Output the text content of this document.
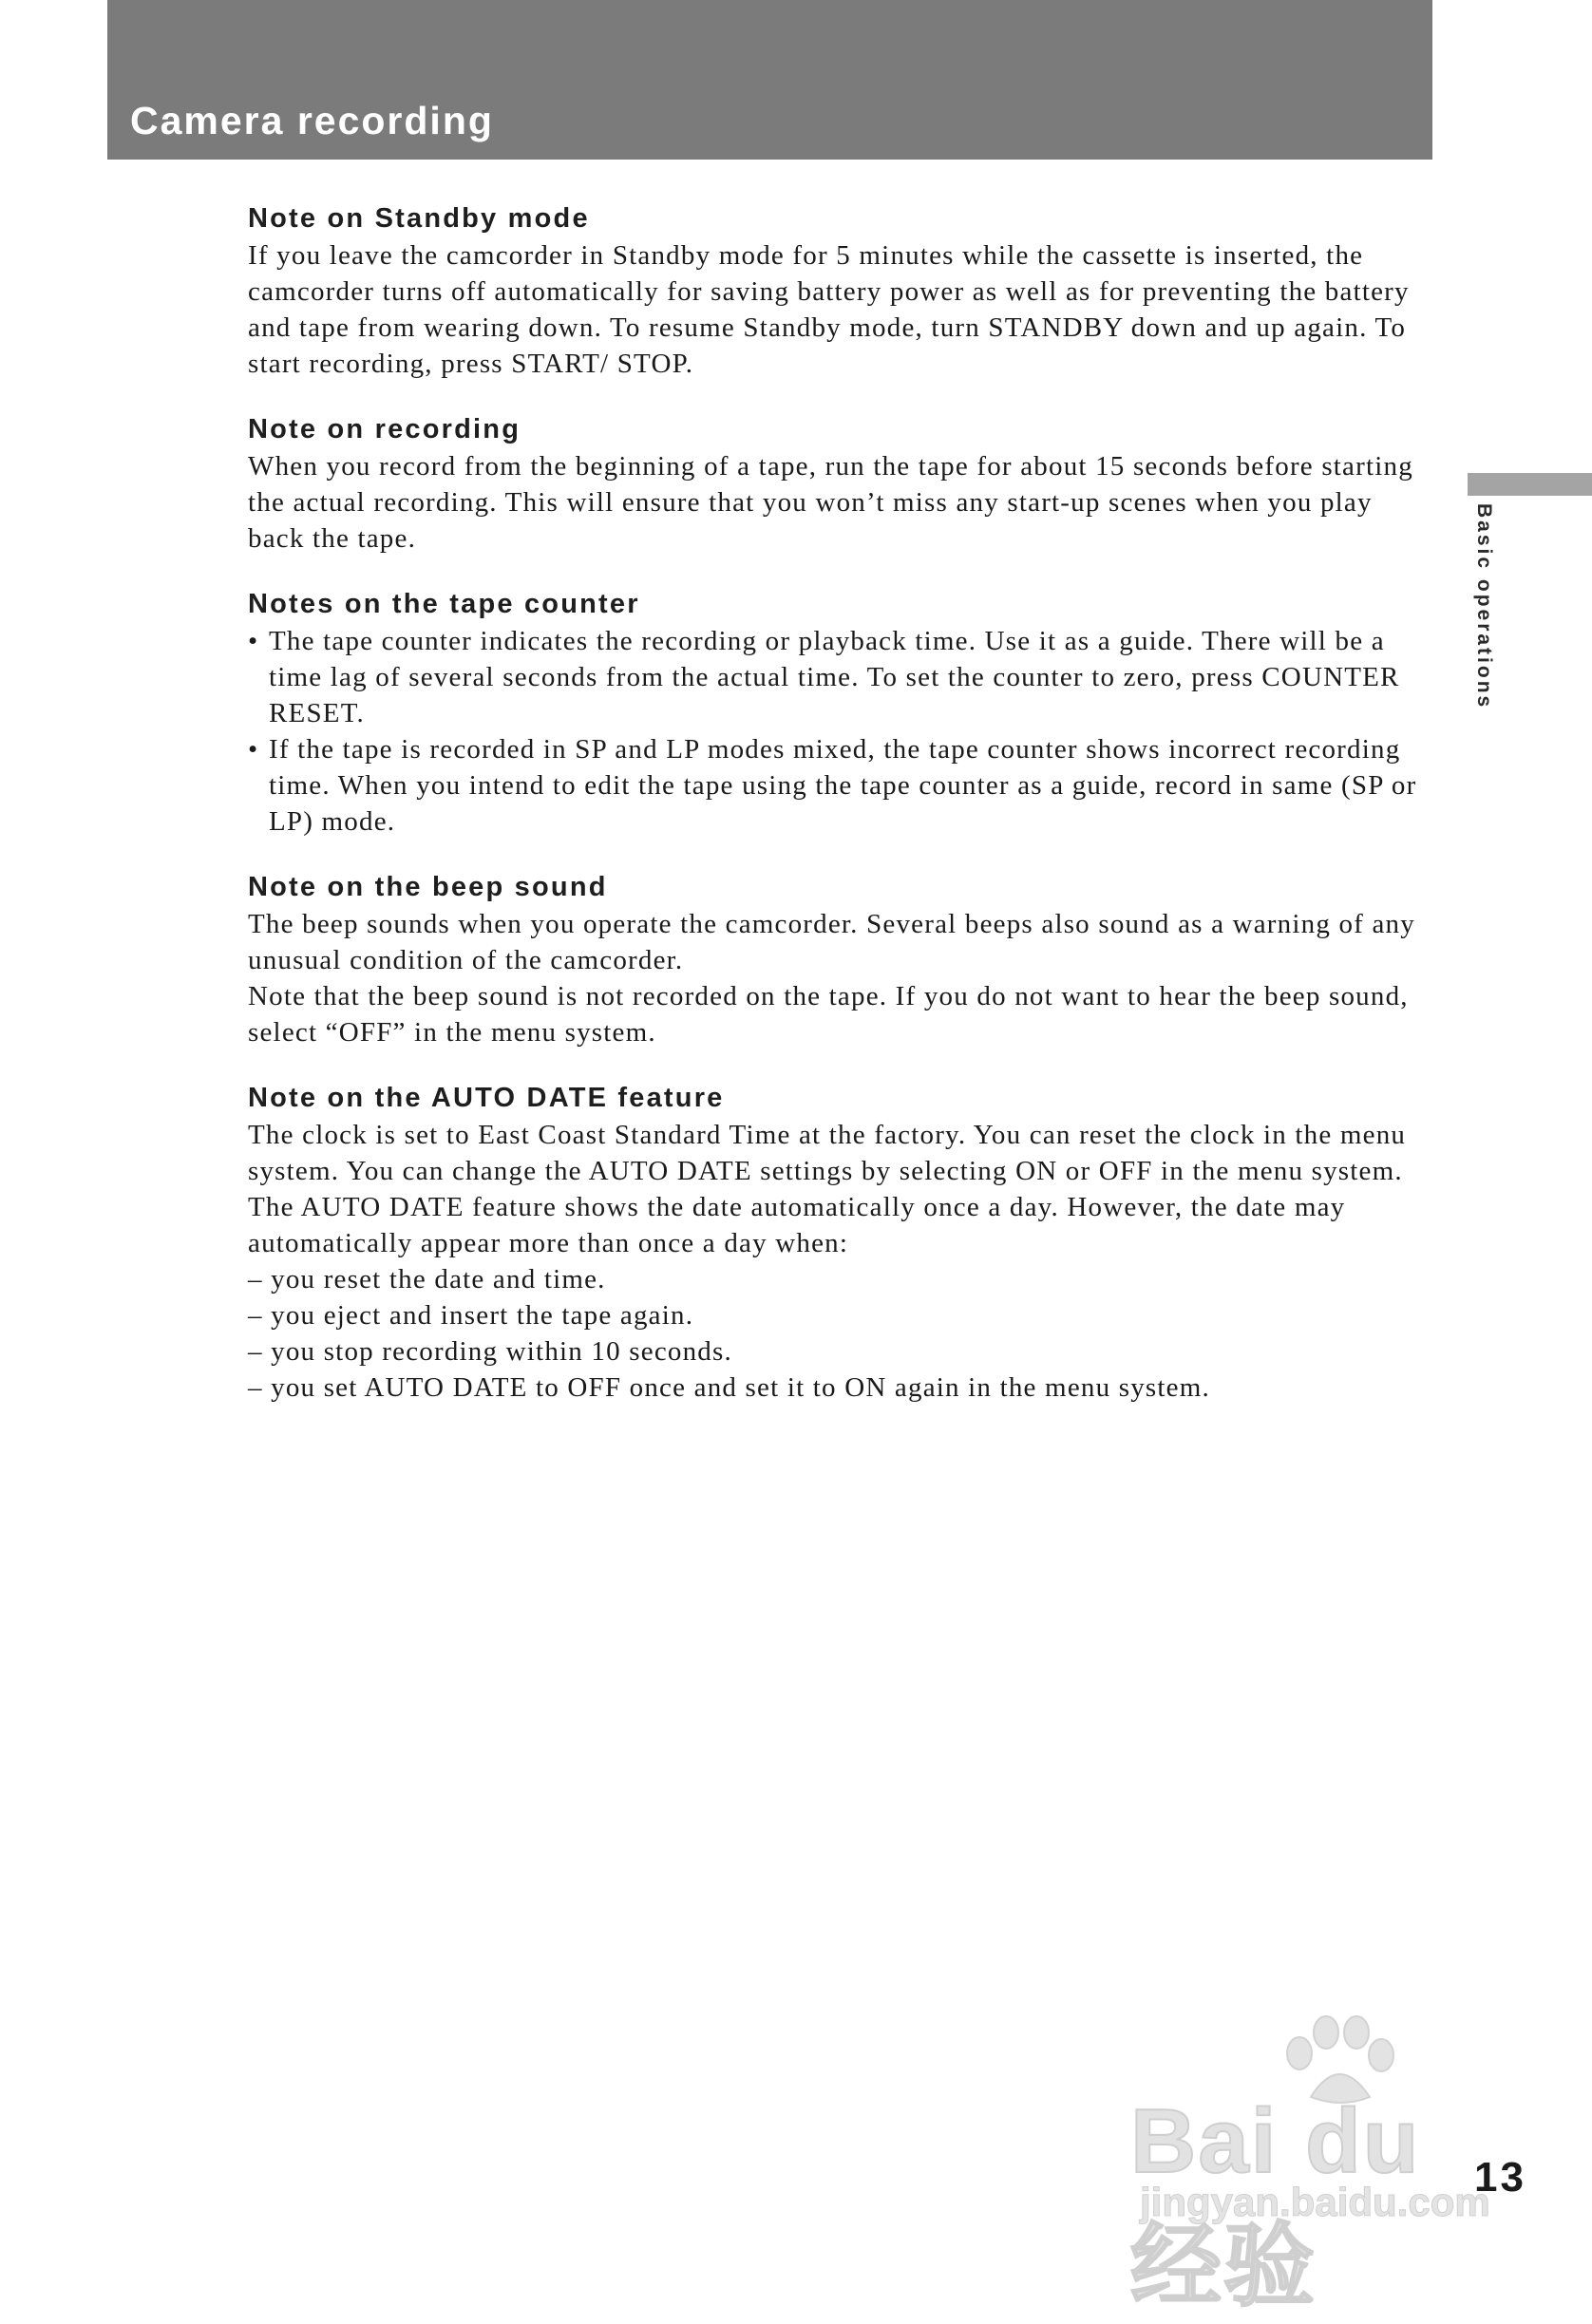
Camera recording
Basic operations
Note on Standby mode

If you leave the camcorder in Standby mode for 5 minutes while the cassette is inserted, the camcorder turns off automatically for saving battery power as well as for preventing the battery and tape from wearing down. To resume Standby mode, turn STANDBY down and up again. To start recording, press START/ STOP.

Note on recording

When you record from the beginning of a tape, run the tape for about 15 seconds before starting the actual recording. This will ensure that you won’t miss any start-up scenes when you play back the tape.

Notes on the tape counter
• The tape counter indicates the recording or playback time. Use it as a guide. There will be a time lag of several seconds from the actual time. To set the counter to zero, press COUNTER RESET.
• If the tape is recorded in SP and LP modes mixed, the tape counter shows incorrect recording time. When you intend to edit the tape using the tape counter as a guide, record in same (SP or LP) mode.
Note on the beep sound

The beep sounds when you operate the camcorder. Several beeps also sound as a warning of any unusual condition of the camcorder.

Note that the beep sound is not recorded on the tape. If you do not want to hear the beep sound, select “OFF” in the menu system.

Note on the AUTO DATE feature

The clock is set to East Coast Standard Time at the factory. You can reset the clock in the menu system. You can change the AUTO DATE settings by selecting ON or OFF in the menu system. The AUTO DATE feature shows the date automatically once a day. However, the date may automatically appear more than once a day when:

– you reset the date and time.
– you eject and insert the tape again.
– you stop recording within 10 seconds.
– you set AUTO DATE to OFF once and set it to ON again in the menu system.
Bai du 经验
jingyan.baidu.com
13
